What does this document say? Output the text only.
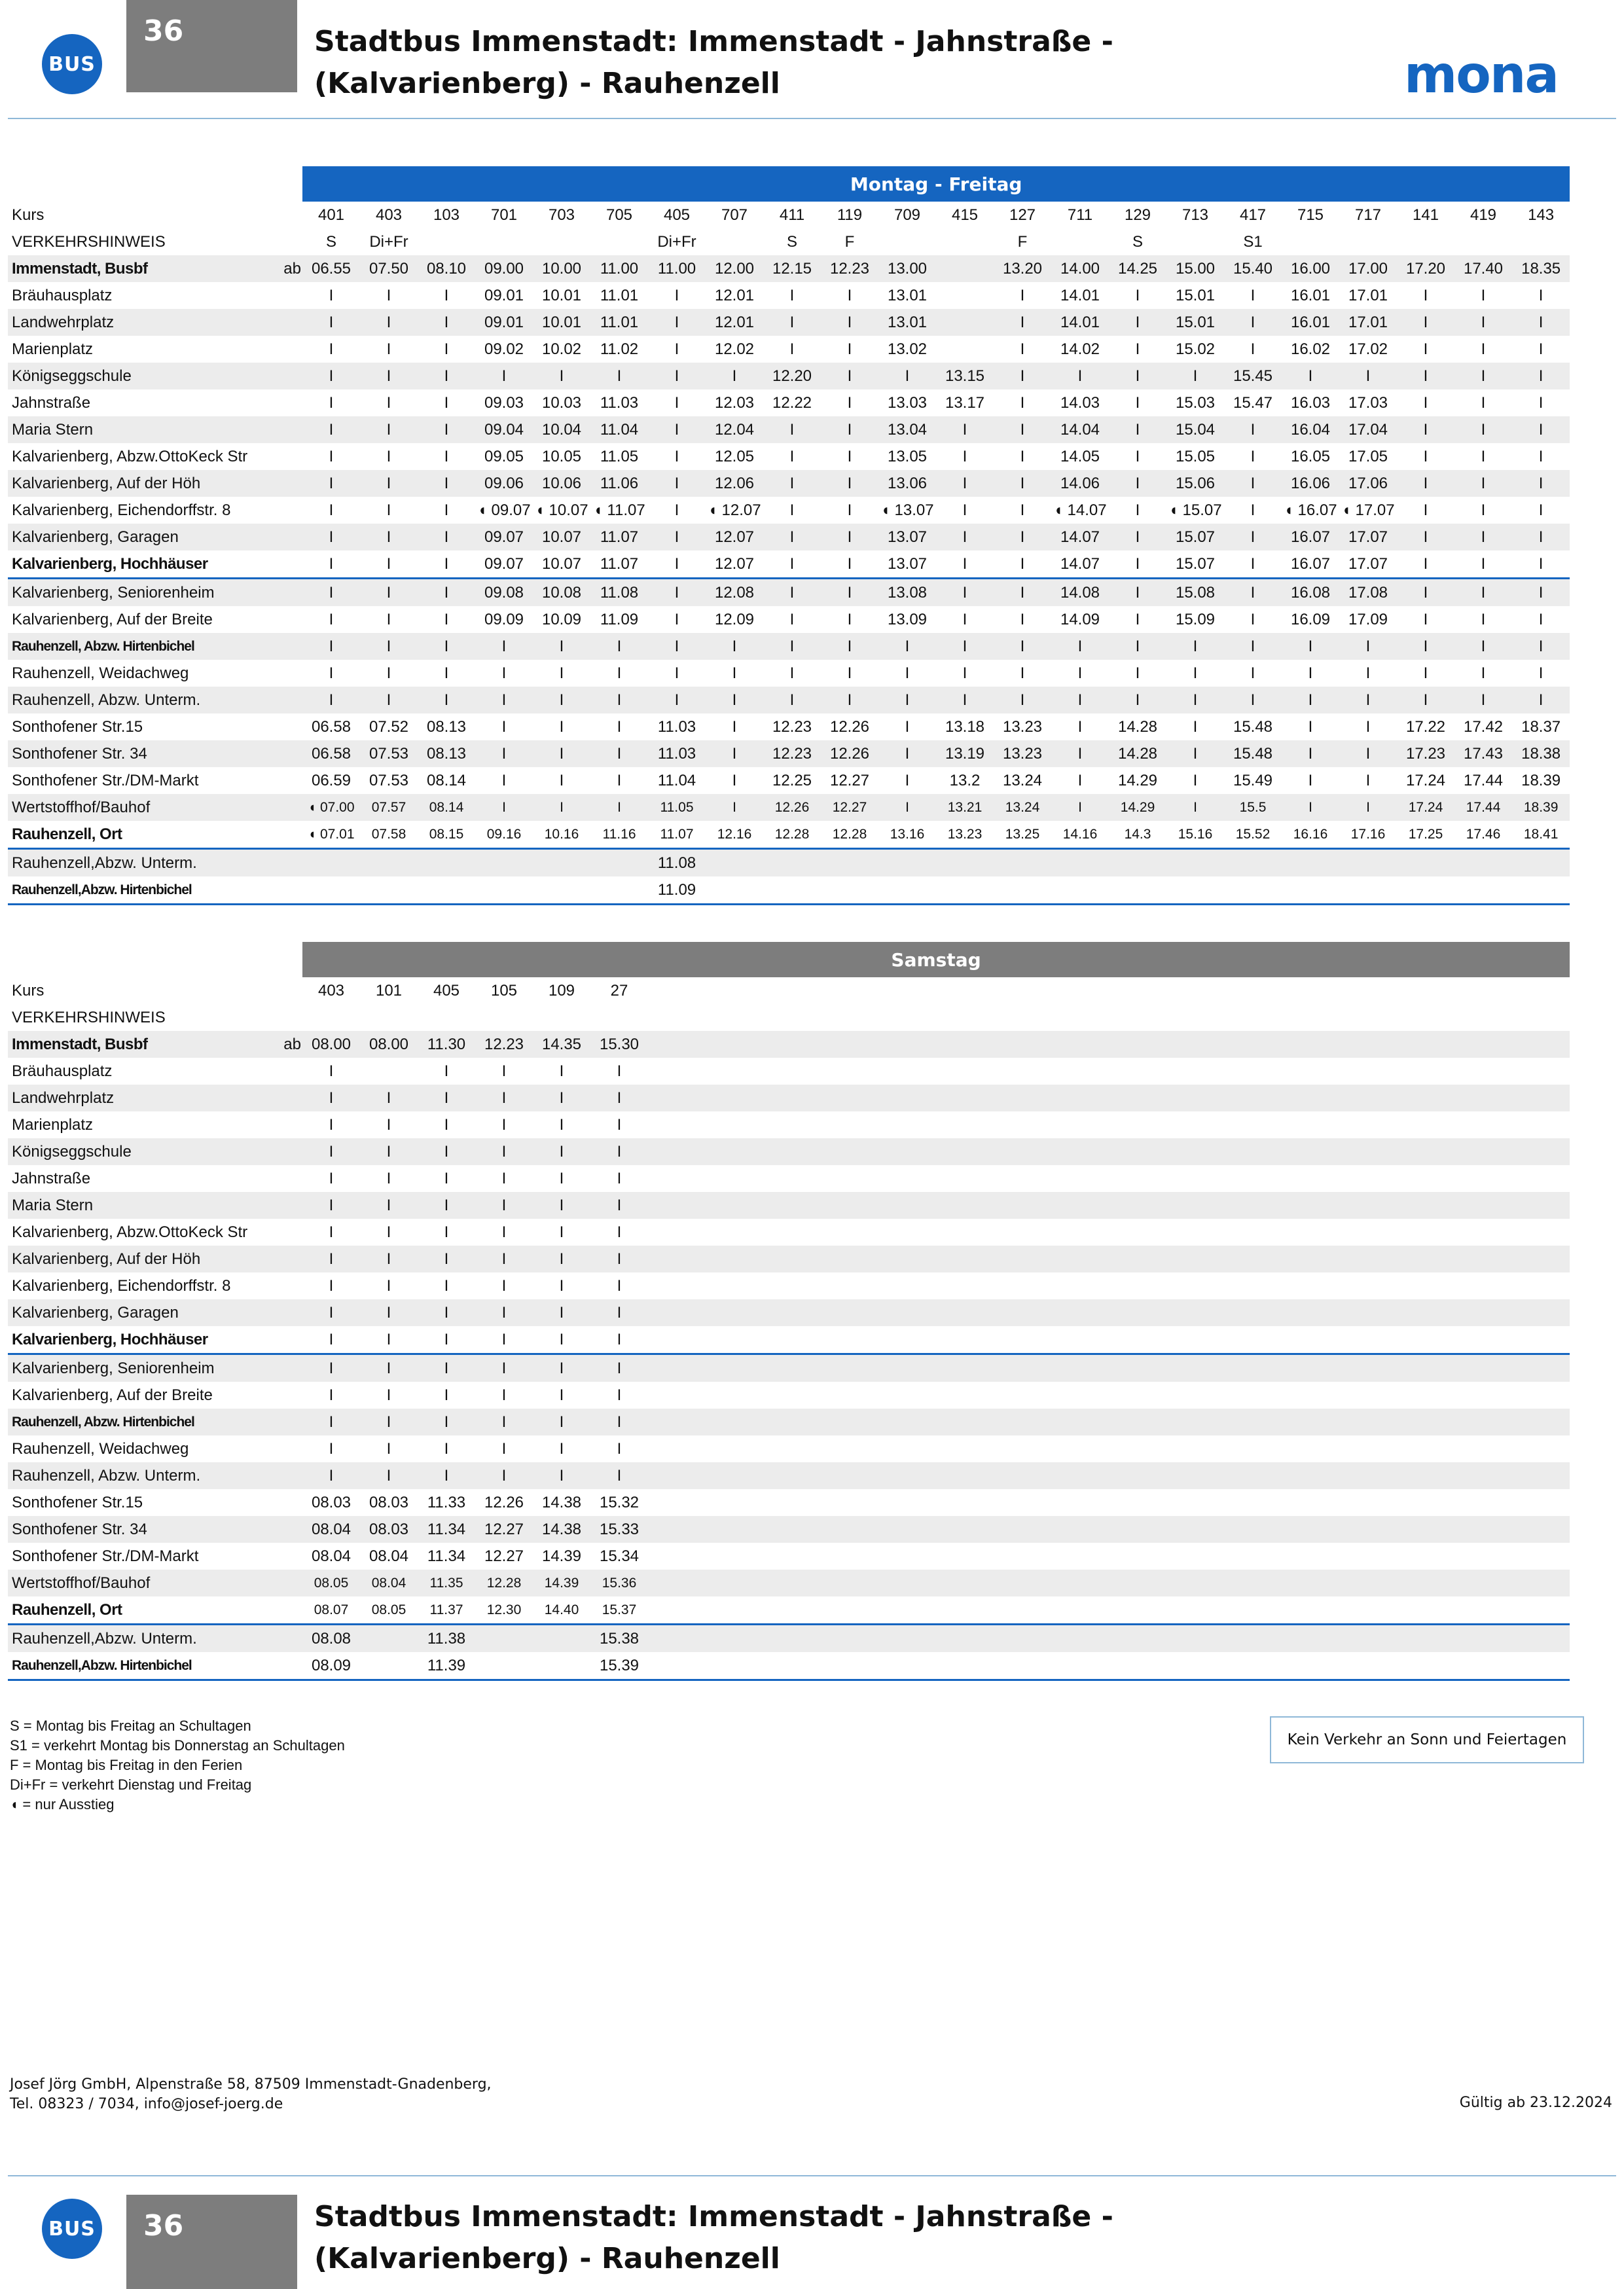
BUS
36	Stadtbus Immenstadt: Immenstadt - Jahnstraße -
(Kalvarienberg) - Rauhenzell	mona
		Montag - Freitag																					
Kurs		401	403	103	701	703	705	405	707	411	119	709	415	127	711	129	713	417	715	717	141	419	143
VERKEHRSHINWEIS		S	Di+Fr					Di+Fr		S	F			F		S		S1					
Immenstadt, Busbf	ab	06.55	07.50	08.10	09.00	10.00	11.00	11.00	12.00	12.15	12.23	13.00		13.20	14.00	14.25	15.00	15.40	16.00	17.00	17.20	17.40	18.35
Bräuhausplatz		I	I	I	09.01	10.01	11.01	I	12.01	I	I	13.01		I	14.01	I	15.01	I	16.01	17.01	I	I	I
Landwehrplatz		I	I	I	09.01	10.01	11.01	I	12.01	I	I	13.01		I	14.01	I	15.01	I	16.01	17.01	I	I	I
Marienplatz		I	I	I	09.02	10.02	11.02	I	12.02	I	I	13.02		I	14.02	I	15.02	I	16.02	17.02	I	I	I
Königseggschule		I	I	I	I	I	I	I	I	12.20	I	I	13.15	I	I	I	I	15.45	I	I	I	I	I
Jahnstraße		I	I	I	09.03	10.03	11.03	I	12.03	12.22	I	13.03	13.17	I	14.03	I	15.03	15.47	16.03	17.03	I	I	I
Maria Stern		I	I	I	09.04	10.04	11.04	I	12.04	I	I	13.04	I	I	14.04	I	15.04	I	16.04	17.04	I	I	I
Kalvarienberg, Abzw.OttoKeck Str		I	I	I	09.05	10.05	11.05	I	12.05	I	I	13.05	I	I	14.05	I	15.05	I	16.05	17.05	I	I	I
Kalvarienberg, Auf der Höh		I	I	I	09.06	10.06	11.06	I	12.06	I	I	13.06	I	I	14.06	I	15.06	I	16.06	17.06	I	I	I
Kalvarienberg, Eichendorffstr. 8		I	I	I	◖ 09.07	◖ 10.07	◖ 11.07	I	◖ 12.07	I	I	◖ 13.07	I	I	◖ 14.07	I	◖ 15.07	I	◖ 16.07	◖ 17.07	I	I	I
Kalvarienberg, Garagen		I	I	I	09.07	10.07	11.07	I	12.07	I	I	13.07	I	I	14.07	I	15.07	I	16.07	17.07	I	I	I
Kalvarienberg, Hochhäuser		I	I	I	09.07	10.07	11.07	I	12.07	I	I	13.07	I	I	14.07	I	15.07	I	16.07	17.07	I	I	I
Kalvarienberg, Seniorenheim		I	I	I	09.08	10.08	11.08	I	12.08	I	I	13.08	I	I	14.08	I	15.08	I	16.08	17.08	I	I	I
Kalvarienberg, Auf der Breite		I	I	I	09.09	10.09	11.09	I	12.09	I	I	13.09	I	I	14.09	I	15.09	I	16.09	17.09	I	I	I
Rauhenzell, Abzw. Hirtenbichel		I	I	I	I	I	I	I	I	I	I	I	I	I	I	I	I	I	I	I	I	I	I
Rauhenzell, Weidachweg		I	I	I	I	I	I	I	I	I	I	I	I	I	I	I	I	I	I	I	I	I	I
Rauhenzell, Abzw. Unterm.		I	I	I	I	I	I	I	I	I	I	I	I	I	I	I	I	I	I	I	I	I	I
Sonthofener Str.15		06.58	07.52	08.13	I	I	I	11.03	I	12.23	12.26	I	13.18	13.23	I	14.28	I	15.48	I	I	17.22	17.42	18.37
Sonthofener Str. 34		06.58	07.53	08.13	I	I	I	11.03	I	12.23	12.26	I	13.19	13.23	I	14.28	I	15.48	I	I	17.23	17.43	18.38
Sonthofener Str./DM-Markt		06.59	07.53	08.14	I	I	I	11.04	I	12.25	12.27	I	13.2	13.24	I	14.29	I	15.49	I	I	17.24	17.44	18.39
Wertstoffhof/Bauhof		◖ 07.00	07.57	08.14	I	I	I	11.05	I	12.26	12.27	I	13.21	13.24	I	14.29	I	15.5	I	I	17.24	17.44	18.39
Rauhenzell, Ort		◖ 07.01	07.58	08.15	09.16	10.16	11.16	11.07	12.16	12.28	12.28	13.16	13.23	13.25	14.16	14.3	15.16	15.52	16.16	17.16	17.25	17.46	18.41
Rauhenzell,Abzw. Unterm.								11.08															
Rauhenzell,Abzw. Hirtenbichel								11.09															
		Samstag																					
Kurs		403	101	405	105	109	27																
VERKEHRSHINWEIS																							
Immenstadt, Busbf	ab	08.00	08.00	11.30	12.23	14.35	15.30																
Bräuhausplatz		I		I	I	I	I																
Landwehrplatz		I	I	I	I	I	I																
Marienplatz		I	I	I	I	I	I																
Königseggschule		I	I	I	I	I	I																
Jahnstraße		I	I	I	I	I	I																
Maria Stern		I	I	I	I	I	I																
Kalvarienberg, Abzw.OttoKeck Str		I	I	I	I	I	I																
Kalvarienberg, Auf der Höh		I	I	I	I	I	I																
Kalvarienberg, Eichendorffstr. 8		I	I	I	I	I	I																
Kalvarienberg, Garagen		I	I	I	I	I	I																
Kalvarienberg, Hochhäuser		I	I	I	I	I	I																
Kalvarienberg, Seniorenheim		I	I	I	I	I	I																
Kalvarienberg, Auf der Breite		I	I	I	I	I	I																
Rauhenzell, Abzw. Hirtenbichel		I	I	I	I	I	I																
Rauhenzell, Weidachweg		I	I	I	I	I	I																
Rauhenzell, Abzw. Unterm.		I	I	I	I	I	I																
Sonthofener Str.15		08.03	08.03	11.33	12.26	14.38	15.32																
Sonthofener Str. 34		08.04	08.03	11.34	12.27	14.38	15.33																
Sonthofener Str./DM-Markt		08.04	08.04	11.34	12.27	14.39	15.34																
Wertstoffhof/Bauhof		08.05	08.04	11.35	12.28	14.39	15.36																
Rauhenzell, Ort		08.07	08.05	11.37	12.30	14.40	15.37																
Rauhenzell,Abzw. Unterm.		08.08		11.38			15.38																
Rauhenzell,Abzw. Hirtenbichel		08.09		11.39			15.39																
S = Montag bis Freitag an Schultagen
S1 = verkehrt Montag bis Donnerstag an Schultagen
F = Montag bis Freitag in den Ferien
Di+Fr = verkehrt Dienstag und Freitag
◖ = nur Ausstieg
Kein Verkehr an Sonn und Feiertagen
Josef Jörg GmbH, Alpenstraße 58, 87509 Immenstadt-Gnadenberg,
Tel. 08323 / 7034, info@josef-joerg.de	Gültig ab 23.12.2024
BUS	36	Stadtbus Immenstadt: Immenstadt - Jahnstraße -
(Kalvarienberg) - Rauhenzell
